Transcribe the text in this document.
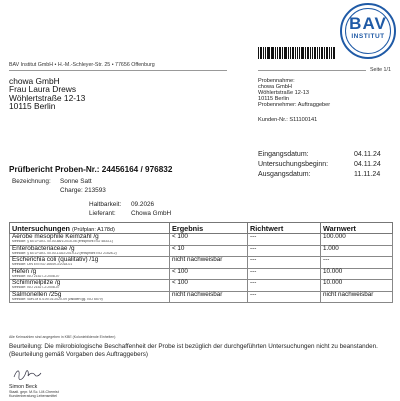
BAV
INSTITUT
BAV Institut GmbH • H.-M.-Schleyer-Str. 25 • 77656 Offenburg
Seite 1/1
chowa GmbH
Frau Laura Drews
Wöhlertstraße 12-13
10115 Berlin
Probennahme:
chowa GmbH
Wöhlertstraße 12-13
10115 Berlin
Probennehmer: Auftraggeber
Kunden-Nr.: S11100141
Eingangsdatum:	04.11.24
Untersuchungsbeginn:	04.11.24
Ausgangsdatum:	11.11.24
Prüfbericht Proben-Nr.: 24456164 / 976832
Bezeichnung: Sonne Satt
Charge: 213593
Haltbarkeit: 09.2026
Lieferant: Chowa GmbH
Untersuchungen (Prüfplan: A178d)	Ergebnis	Richtwert	Warnwert

Aerobe mesophile Keimzahl /g
Methode: § 64 LFGB L 00.00-88/1:2015-06 (entspricht ISO 4833-1)	< 100	---	100.000

Enterobacteriaceae /g
Methode: § 64 LFGB L 00.00-133/2:2019-12 (entspricht ISO 21528-2)	< 10	---	1.000

Escherichia coli (qualitativ) /1g
Methode: DIN EN ISO 16649-3:2018-01	nicht nachweisbar	---	---

Hefen /g
Methode: ISO 21527-2:2008-07	< 100	---	10.000

Schimmelpilze /g
Methode: ISO 21527-2:2008-07	< 100	---	10.000

Salmonellen /25g
Methode: SMV-M 6.4.09-01:2020-09 (validiert gg. ISO 6579)	nicht nachweisbar	---	nicht nachweisbar
Alle Keimzahlen sind angegeben in KBE (Koloniebildende Einheiten)
Beurteilung: Die mikrobiologische Beschaffenheit der Probe ist bezüglich der durchgeführten Untersuchungen nicht zu beanstanden. (Beurteilung gemäß Vorgaben des Auftraggebers)
Simon Beck
Staatl. gepr. M.Sc. LM-Chemist
Kundenberatung Lebensmittel
